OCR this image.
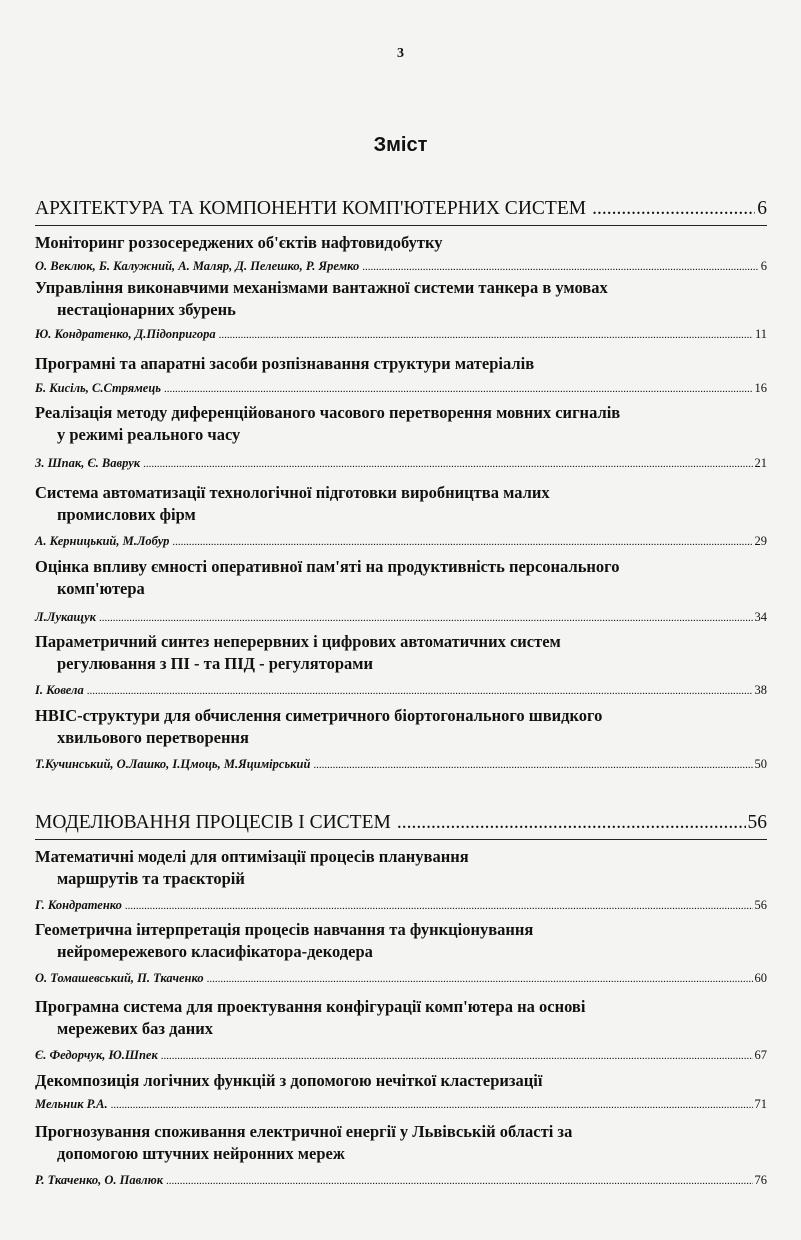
3
Зміст
АРХІТЕКТУРА ТА КОМПОНЕНТИ КОМП'ЮТЕРНИХ СИСТЕМ .....	6
Моніторинг роззосереджених об'єктів нафтовидобутку
О. Веклюк, Б. Калужний, А. Маляр, Д. Пелешко, Р. Яремко .....	6
Управління виконавчими механізмами вантажної системи танкера в умовах
нестаціонарних збурень
Ю. Кондратенко, Д.Підопригора .....	11
Програмні та апаратні засоби розпізнавання структури матеріалів
Б. Кисіль, С.Стрямець .....	16
Реалізація методу диференційованого часового перетворення мовних сигналів
у режимі реального часу
З. Шпак, Є. Ваврук .....	21
Система автоматизації технологічної підготовки виробництва малих
промислових фірм
А. Керницький, М.Лобур .....	29
Оцінка впливу ємності оперативної пам'яті на продуктивність персонального
комп'ютера
Л.Лукащук .....	34
Параметричний синтез неперервних і цифрових автоматичних систем
регулювання з ПІ - та ПІД - регуляторами
І. Ковела .....	38
НВІС-структури для обчислення симетричного біортогонального швидкого
хвильового перетворення
Т.Кучинський, О.Лашко, І.Цмоць, М.Яцимірський .....	50
МОДЕЛЮВАННЯ ПРОЦЕСІВ І СИСТЕМ .....	56
Математичні моделі для оптимізації процесів планування
маршрутів та траєкторій
Г. Кондратенко .....	56
Геометрична інтерпретація процесів навчання та функціонування
нейромережевого класифікатора-декодера
О. Томашевський, П. Ткаченко .....	60
Програмна система для проектування конфігурації комп'ютера на основі
мережевих баз даних
Є. Федорчук, Ю.Шпек .....	67
Декомпозиція логічних функцій з допомогою нечіткої кластеризації
Мельник Р.А. .....	71
Прогнозування споживання електричної енергії у Львівській області за
допомогою штучних нейронних мереж
Р. Ткаченко, О. Павлюк .....	76
